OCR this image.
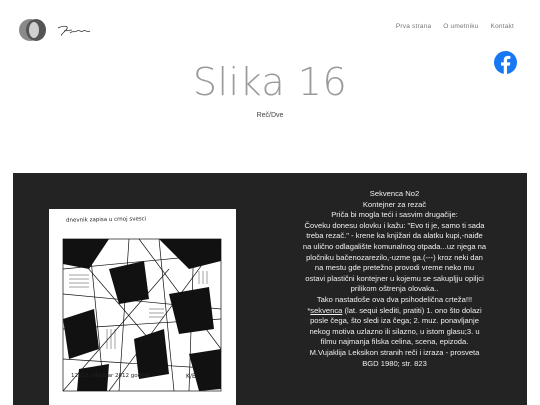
Prva strana O umetniku Kontakt
Slika 16
Reč/Dve
dnevnik zapisa u crnoj svesci
12./13. oktobar 2012 godine	K/B

Sekvenca No2

Kontejner za rezač

Priča bi mogla teći i sasvim drugačije:

Čoveku donesu olovku i kažu: "Evo ti je, samo ti sada

treba rezač." - krene ka knjižari da alatku kupi,-naiđe

na ulično odlagalište komunalnog otpada...uz njega na

pločniku bačenozarezilo,-uzme ga.(---) kroz neki dan

na mestu gde pretežno provodi vreme neko mu

ostavi plastični kontejner u kojemu se sakupljju opiljci

prilikom oštrenja olovaka..

Tako nastadoše ova dva psihodelična crteža!!!

*sekvenca (lat. sequi slediti, pratiti) 1. ono što dolazi

posle čega, što sledi iza čega; 2. muz. ponavljanje

nekog motiva uzlazno ili silazno, u istom glasu;3. u

filmu najmanja filska celina, scena, epizoda.

M.Vujaklija Leksikon stranih reči i izraza - prosveta

BGD 1980; str. 823
